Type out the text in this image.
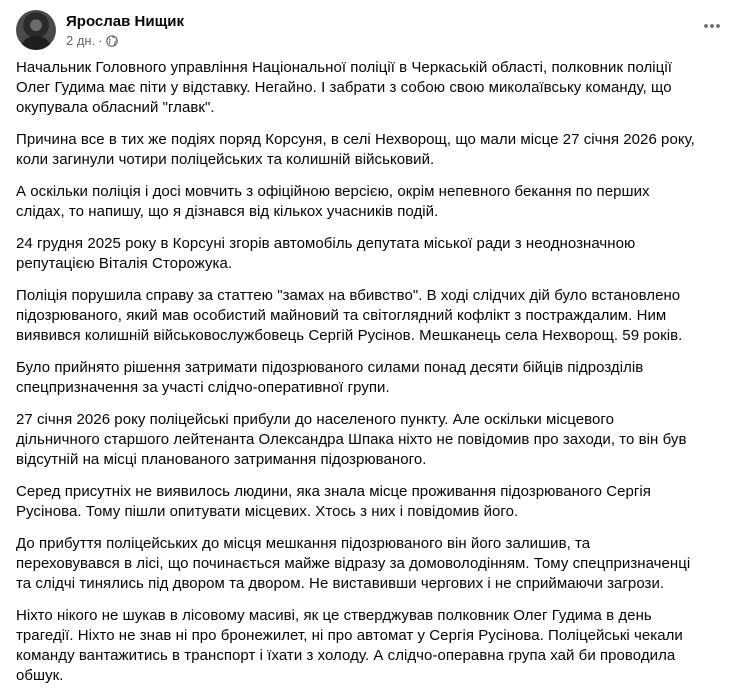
Ярослав Нищик
2 дн. ·

Начальник Головного управління Національної поліції в Черкаській області, полковник поліції
Олег Гудима має піти у відставку. Негайно. І забрати з собою свою миколаївську команду, що
окупувала обласний "главк".

Причина все в тих же подіях поряд Корсуня, в селі Нехворощ, що мали місце 27 січня 2026 року,
коли загинули чотири поліцейських та колишній військовий.

А оскільки поліція і досі мовчить з офіційною версією, окрім непевного бекання по перших
слідах, то напишу, що я дізнався від кількох учасників подій.

24 грудня 2025 року в Корсуні згорів автомобіль депутата міської ради з неоднозначною
репутацією Віталія Сторожука.

Поліція порушила справу за статтею "замах на вбивство". В ході слідчих дій було встановлено
підозрюваного, який мав особистий майновий та світоглядний кофлікт з постраждалим. Ним
виявився колишній військовослужбовець Сергій Русінов. Мешканець села Нехворощ. 59 років.

Було прийнято рішення затримати підозрюваного силами понад десяти бійців підрозділів
спецпризначення за участі слідчо-оперативної групи.

27 січня 2026 року поліцейські прибули до населеного пункту. Але оскільки місцевого
дільничного старшого лейтенанта Олександра Шпака ніхто не повідомив про заходи, то він був
відсутній на місці планованого затримання підозрюваного.

Серед присутніх не виявилось людини, яка знала місце проживання підозрюваного Сергія
Русінова. Тому пішли опитувати місцевих. Хтось з них і повідомив його.

До прибуття поліцейських до місця мешкання підозрюваного він його залишив, та
переховувався в лісі, що починається майже відразу за домоволодінням. Тому спецпризначенці
та слідчі тинялись під двором та двором. Не виставивши чергових і не сприймаючи загрози.

Ніхто нікого не шукав в лісовому масиві, як це стверджував полковник Олег Гудима в день
трагедії. Ніхто не знав ні про бронежилет, ні про автомат у Сергія Русінова. Поліцейські чекали
команду вантажитись в транспорт і їхати з холоду. А слідчо-операвна група хай би проводила
обшук.
